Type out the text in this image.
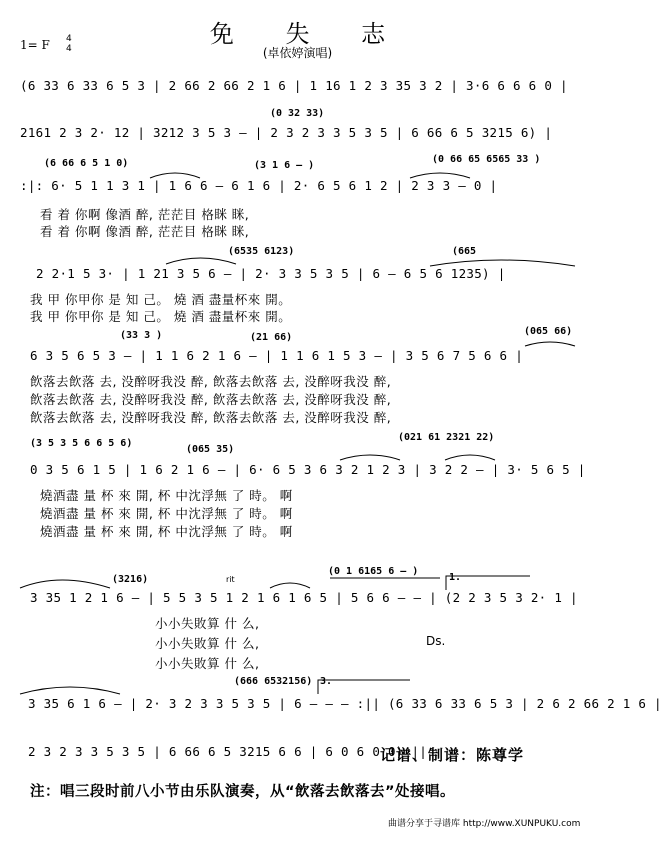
免 失 志
(卓依婷演唱)
1= F 4
4
(6 33 6 33 6 5 3 | 2 66 2 66 2 1 6 | 1 16 1 2 3 35 3 2 | 3·6 6 6 6 0 |
(0 32 33)
2161 2 3 2· 12 | 3212 3 5 3 — | 2 3 2 3 3 5 3 5 | 6 66 6 5 3215 6) |
(6 66 6 5 1 0)	(3 1 6 — )
(0 66 65 6565 33 )
:|: 6· 5 1 1 3 1 | 1 6 6 — 6 1 6 | 2· 6 5 6 1 2 | 2 3 3 — 0 |
看 着 你啊 像酒 醉, 茫茫目 格眯 眯,
看 着 你啊 像酒 醉, 茫茫目 格眯 眯,
(6535 6123)	(665
2 2·1 5 3· | 1 21 3 5 6 — | 2· 3 3 5 3 5 | 6 — 6 5 6 1235) |
我 甲 你甲你 是 知 己。 燒 酒 盡量杯來 開。
我 甲 你甲你 是 知 己。 燒 酒 盡量杯來 開。
(33 3 )	(21 66)
(065 66)
6 3 5 6 5 3 — | 1 1 6 2 1 6 — | 1 1 6 1 5 3 — | 3 5 6 7 5 6 6 |
飲落去飲落 去, 没醉呀我没 醉, 飲落去飲落 去, 没醉呀我没 醉,
飲落去飲落 去, 没醉呀我没 醉, 飲落去飲落 去, 没醉呀我没 醉,
飲落去飲落 去, 没醉呀我没 醉, 飲落去飲落 去, 没醉呀我没 醉,
(3 5 3 5 6 6 5 6)
(065 35)
(021 61 2321 22)
0 3 5 6 1 5 | 1 6 2 1 6 — | 6· 6 5 3 6 3 2 1 2 3 | 3 2 2 — | 3· 5 6 5 |
燒酒盡 量 杯 來 開, 杯 中沈浮無 了 時。 啊
燒酒盡 量 杯 來 開, 杯 中沈浮無 了 時。 啊
燒酒盡 量 杯 來 開, 杯 中沈浮無 了 時。 啊
(3216)
(0 1 6165 6 — )
rit	1.
3 35 1 2 1 6 — | 5 5 3 5 1 2 1 6 1 6 5 | 5 6 6 — — | (2 2 3 5 3 2· 1 |
小小失敗算 什 么,
小小失敗算 什 么,
小小失敗算 什 么,
Ds.
(666 6532156) 3.
3 35 6 1 6 — | 2· 3 2 3 3 5 3 5 | 6 — — — :|| (6 33 6 33 6 5 3 | 2 6 2 66 2 1 6 |
2 3 2 3 3 5 3 5 | 6 66 6 5 3215 6 6 | 6 0 6 0 0) ||
记谱、制谱：陈尊学
注：唱三段时前八小节由乐队演奏，从“飲落去飲落去”处接唱。
曲谱分享于寻谱库 http://www.XUNPUKU.com
